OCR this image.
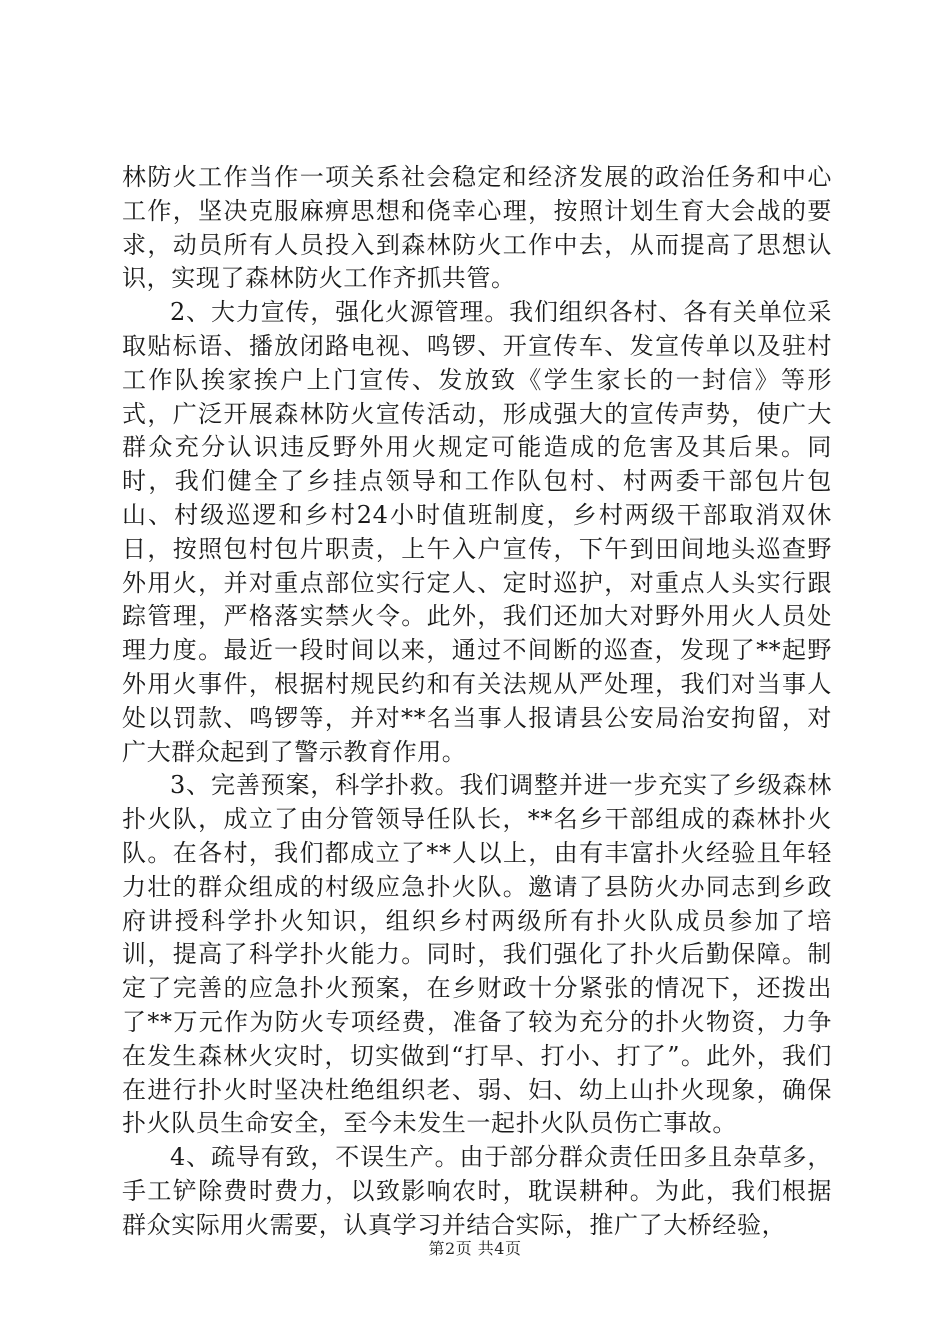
林防火工作当作一项关系社会稳定和经济发展的政治任务和中心工作，坚决克服麻痹思想和侥幸心理，按照计划生育大会战的要求，动员所有人员投入到森林防火工作中去，从而提高了思想认识，实现了森林防火工作齐抓共管。

2、大力宣传，强化火源管理。我们组织各村、各有关单位采取贴标语、播放闭路电视、鸣锣、开宣传车、发宣传单以及驻村工作队挨家挨户上门宣传、发放致《学生家长的一封信》等形式，广泛开展森林防火宣传活动，形成强大的宣传声势，使广大群众充分认识违反野外用火规定可能造成的危害及其后果。同时，我们健全了乡挂点领导和工作队包村、村两委干部包片包山、村级巡逻和乡村24小时值班制度，乡村两级干部取消双休日，按照包村包片职责，上午入户宣传，下午到田间地头巡查野外用火，并对重点部位实行定人、定时巡护，对重点人头实行跟踪管理，严格落实禁火令。此外，我们还加大对野外用火人员处理力度。最近一段时间以来，通过不间断的巡查，发现了**起野外用火事件，根据村规民约和有关法规从严处理，我们对当事人处以罚款、鸣锣等，并对**名当事人报请县公安局治安拘留，对广大群众起到了警示教育作用。

3、完善预案，科学扑救。我们调整并进一步充实了乡级森林扑火队，成立了由分管领导任队长，**名乡干部组成的森林扑火队。在各村，我们都成立了**人以上，由有丰富扑火经验且年轻力壮的群众组成的村级应急扑火队。邀请了县防火办同志到乡政府讲授科学扑火知识，组织乡村两级所有扑火队成员参加了培训，提高了科学扑火能力。同时，我们强化了扑火后勤保障。制定了完善的应急扑火预案，在乡财政十分紧张的情况下，还拨出了**万元作为防火专项经费，准备了较为充分的扑火物资，力争在发生森林火灾时，切实做到“打早、打小、打了”。此外，我们在进行扑火时坚决杜绝组织老、弱、妇、幼上山扑火现象，确保扑火队员生命安全，至今未发生一起扑火队员伤亡事故。

4、疏导有致，不误生产。由于部分群众责任田多且杂草多，手工铲除费时费力，以致影响农时，耽误耕种。为此，我们根据群众实际用火需要，认真学习并结合实际，推广了大桥经验，

第2页 共4页
